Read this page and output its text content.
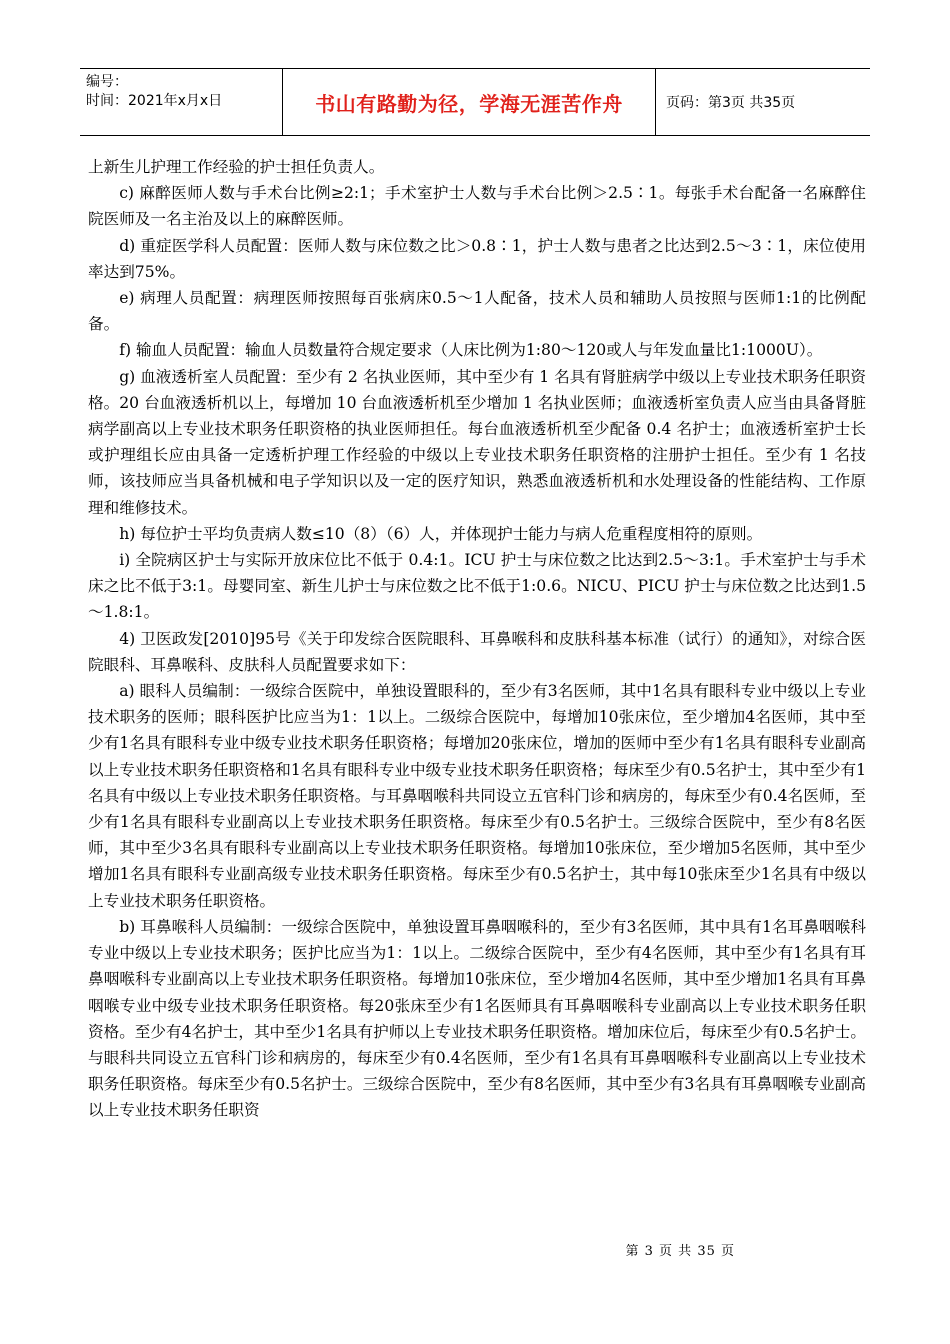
编号：
时间：2021年x月x日	书山有路勤为径，学海无涯苦作舟	页码：第3页 共35页

上新生儿护理工作经验的护士担任负责人。

c) 麻醉医师人数与手术台比例≥2:1；手术室护士人数与手术台比例＞2.5∶1。每张手术台配备一名麻醉住院医师及一名主治及以上的麻醉医师。

d) 重症医学科人员配置：医师人数与床位数之比＞0.8∶1，护士人数与患者之比达到2.5～3∶1，床位使用率达到75%。

e) 病理人员配置：病理医师按照每百张病床0.5～1人配备，技术人员和辅助人员按照与医师1:1的比例配备。

f) 输血人员配置：输血人员数量符合规定要求（人床比例为1:80～120或人与年发血量比1:1000U）。

g) 血液透析室人员配置：至少有 2 名执业医师，其中至少有 1 名具有肾脏病学中级以上专业技术职务任职资格。20 台血液透析机以上，每增加 10 台血液透析机至少增加 1 名执业医师；血液透析室负责人应当由具备肾脏病学副高以上专业技术职务任职资格的执业医师担任。每台血液透析机至少配备 0.4 名护士；血液透析室护士长或护理组长应由具备一定透析护理工作经验的中级以上专业技术职务任职资格的注册护士担任。至少有 1 名技师，该技师应当具备机械和电子学知识以及一定的医疗知识，熟悉血液透析机和水处理设备的性能结构、工作原理和维修技术。

h) 每位护士平均负责病人数≤10（8）（6）人，并体现护士能力与病人危重程度相符的原则。

i) 全院病区护士与实际开放床位比不低于 0.4:1。ICU 护士与床位数之比达到2.5～3:1。手术室护士与手术床之比不低于3:1。母婴同室、新生儿护士与床位数之比不低于1:0.6。NICU、PICU 护士与床位数之比达到1.5～1.8:1。

4) 卫医政发[2010]95号《关于印发综合医院眼科、耳鼻喉科和皮肤科基本标准（试行）的通知》，对综合医院眼科、耳鼻喉科、皮肤科人员配置要求如下：

a) 眼科人员编制：一级综合医院中，单独设置眼科的，至少有3名医师，其中1名具有眼科专业中级以上专业技术职务的医师；眼科医护比应当为1：1以上。二级综合医院中，每增加10张床位，至少增加4名医师，其中至少有1名具有眼科专业中级专业技术职务任职资格；每增加20张床位，增加的医师中至少有1名具有眼科专业副高以上专业技术职务任职资格和1名具有眼科专业中级专业技术职务任职资格；每床至少有0.5名护士，其中至少有1名具有中级以上专业技术职务任职资格。与耳鼻咽喉科共同设立五官科门诊和病房的，每床至少有0.4名医师，至少有1名具有眼科专业副高以上专业技术职务任职资格。每床至少有0.5名护士。三级综合医院中，至少有8名医师，其中至少3名具有眼科专业副高以上专业技术职务任职资格。每增加10张床位，至少增加5名医师，其中至少增加1名具有眼科专业副高级专业技术职务任职资格。每床至少有0.5名护士，其中每10张床至少1名具有中级以上专业技术职务任职资格。

b) 耳鼻喉科人员编制：一级综合医院中，单独设置耳鼻咽喉科的，至少有3名医师，其中具有1名耳鼻咽喉科专业中级以上专业技术职务；医护比应当为1：1以上。二级综合医院中，至少有4名医师，其中至少有1名具有耳鼻咽喉科专业副高以上专业技术职务任职资格。每增加10张床位，至少增加4名医师，其中至少增加1名具有耳鼻咽喉专业中级专业技术职务任职资格。每20张床至少有1名医师具有耳鼻咽喉科专业副高以上专业技术职务任职资格。至少有4名护士，其中至少1名具有护师以上专业技术职务任职资格。增加床位后，每床至少有0.5名护士。与眼科共同设立五官科门诊和病房的，每床至少有0.4名医师，至少有1名具有耳鼻咽喉科专业副高以上专业技术职务任职资格。每床至少有0.5名护士。三级综合医院中，至少有8名医师，其中至少有3名具有耳鼻咽喉专业副高以上专业技术职务任职资

第 3 页 共 35 页
